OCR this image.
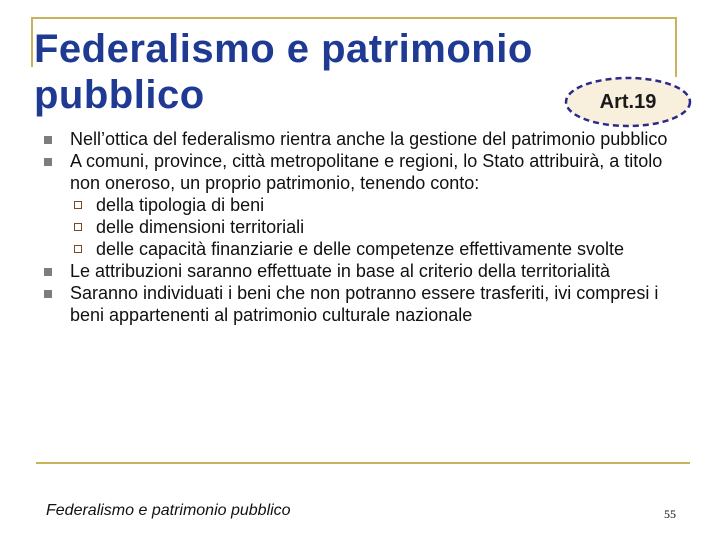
Federalismo e patrimonio
pubblico	Art.19
Nell’ottica del federalismo rientra anche la gestione del patrimonio pubblico
A comuni, province, città metropolitane e regioni, lo Stato attribuirà, a titolo non oneroso, un proprio patrimonio, tenendo conto:
della tipologia di beni
delle dimensioni territoriali
delle capacità finanziarie e delle competenze effettivamente svolte
Le attribuzioni saranno effettuate in base al criterio della territorialità
Saranno individuati i beni che non potranno essere trasferiti, ivi compresi i beni appartenenti al patrimonio culturale nazionale
Federalismo e patrimonio pubblico	55
